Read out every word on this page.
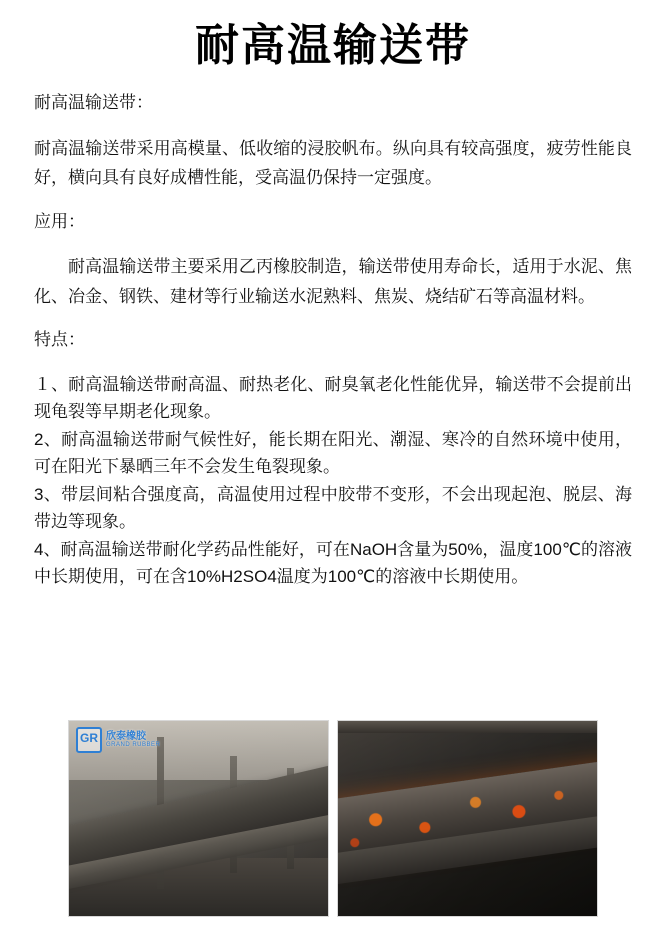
耐高温输送带

耐高温输送带：

耐高温输送带采用高模量、低收缩的浸胶帆布。纵向具有较高强度，疲劳性能良好，横向具有良好成槽性能，受高温仍保持一定强度。

应用：

耐高温输送带主要采用乙丙橡胶制造，输送带使用寿命长，适用于水泥、焦化、冶金、钢铁、建材等行业输送水泥熟料、焦炭、烧结矿石等高温材料。

特点：

１、耐高温输送带耐高温、耐热老化、耐臭氧老化性能优异，输送带不会提前出现龟裂等早期老化现象。

2、耐高温输送带耐气候性好，能长期在阳光、潮湿、寒冷的自然环境中使用，可在阳光下暴晒三年不会发生龟裂现象。

3、带层间粘合强度高，高温使用过程中胶带不变形，不会出现起泡、脱层、海带边等现象。

4、耐高温输送带耐化学药品性能好，可在NaOH含量为50%，温度100℃的溶液中长期使用，可在含10%H2SO4温度为100℃的溶液中长期使用。

GR 欣泰橡胶
GRAND RUBBER
